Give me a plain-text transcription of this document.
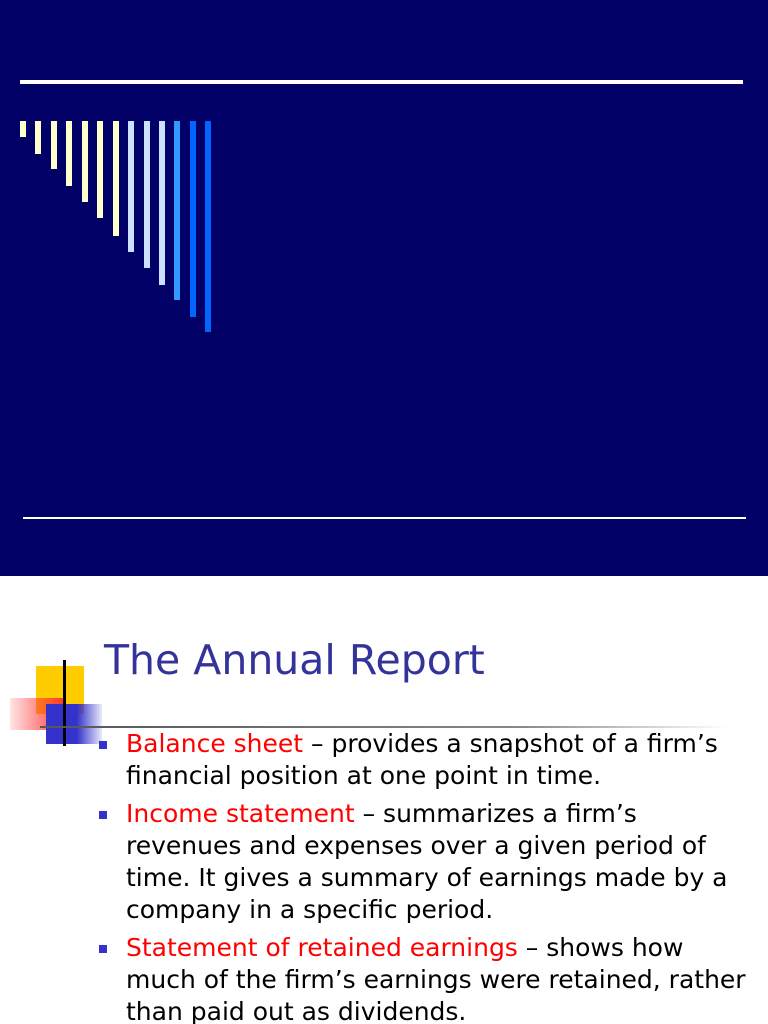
The Annual Report
Balance sheet – provides a snapshot of a firm’s financial position at one point in time.
Income statement – summarizes a firm’s revenues and expenses over a given period of time. It gives a summary of earnings made by a company in a specific period.
Statement of retained earnings – shows how much of the firm’s earnings were retained, rather than paid out as dividends.
